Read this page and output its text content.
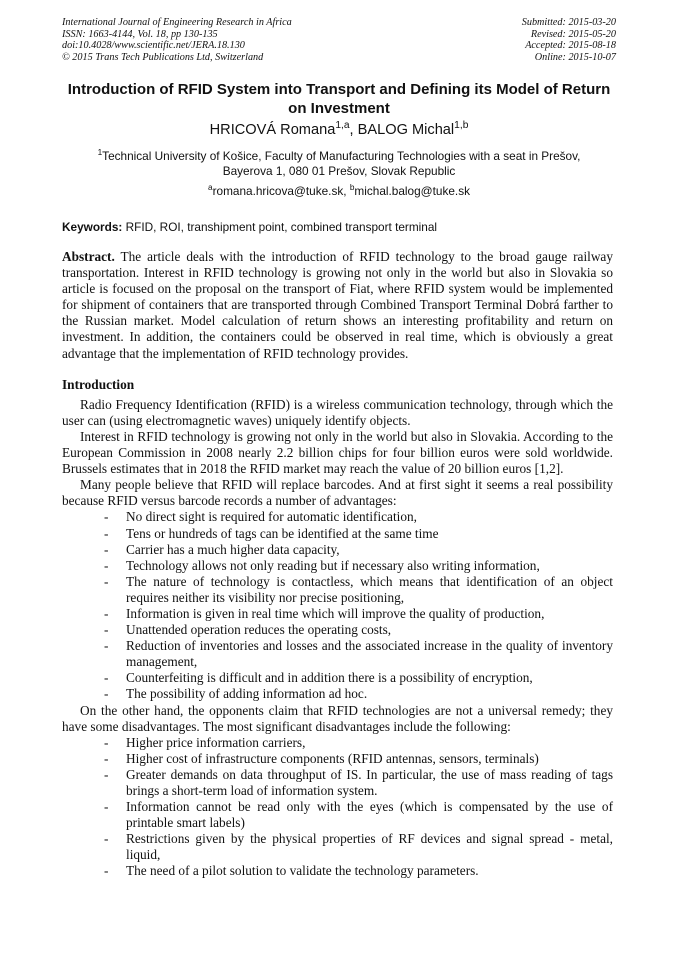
International Journal of Engineering Research in Africa
ISSN: 1663-4144, Vol. 18, pp 130-135
doi:10.4028/www.scientific.net/JERA.18.130
© 2015 Trans Tech Publications Ltd, Switzerland
Submitted: 2015-03-20
Revised: 2015-05-20
Accepted: 2015-08-18
Online: 2015-10-07
Introduction of RFID System into Transport and Defining its Model of Return on Investment
HRICOVÁ Romana$^{1,a}$, BALOG Michal$^{1,b}$
$^1$Technical University of Košice, Faculty of Manufacturing Technologies with a seat in Prešov,
Bayerova 1, 080 01 Prešov, Slovak Republic
$^a$romana.hricova@tuke.sk, $^b$michal.balog@tuke.sk
Keywords: RFID, ROI, transhipment point, combined transport terminal

Abstract. The article deals with the introduction of RFID technology to the broad gauge railway transportation. Interest in RFID technology is growing not only in the world but also in Slovakia so article is focused on the proposal on the transport of Fiat, where RFID system would be implemented for shipment of containers that are transported through Combined Transport Terminal Dobrá farther to the Russian market. Model calculation of return shows an interesting profitability and return on investment. In addition, the containers could be observed in real time, which is obviously a great advantage that the implementation of RFID technology provides.

Introduction

Radio Frequency Identification (RFID) is a wireless communication technology, through which the user can (using electromagnetic waves) uniquely identify objects.

Interest in RFID technology is growing not only in the world but also in Slovakia. According to the European Commission in 2008 nearly 2.2 billion chips for four billion euros were sold worldwide. Brussels estimates that in 2018 the RFID market may reach the value of 20 billion euros [1,2].

Many people believe that RFID will replace barcodes. And at first sight it seems a real possibility because RFID versus barcode records a number of advantages:

- No direct sight is required for automatic identification,
- Tens or hundreds of tags can be identified at the same time
- Carrier has a much higher data capacity,
- Technology allows not only reading but if necessary also writing information,
- The nature of technology is contactless, which means that identification of an object requires neither its visibility nor precise positioning,
- Information is given in real time which will improve the quality of production,
- Unattended operation reduces the operating costs,
- Reduction of inventories and losses and the associated increase in the quality of inventory management,
- Counterfeiting is difficult and in addition there is a possibility of encryption,
- The possibility of adding information ad hoc.

On the other hand, the opponents claim that RFID technologies are not a universal remedy; they have some disadvantages. The most significant disadvantages include the following:

- Higher price information carriers,
- Higher cost of infrastructure components (RFID antennas, sensors, terminals)
- Greater demands on data throughput of IS. In particular, the use of mass reading of tags brings a short-term load of information system.
- Information cannot be read only with the eyes (which is compensated by the use of printable smart labels)
- Restrictions given by the physical properties of RF devices and signal spread - metal, liquid,
- The need of a pilot solution to validate the technology parameters.
